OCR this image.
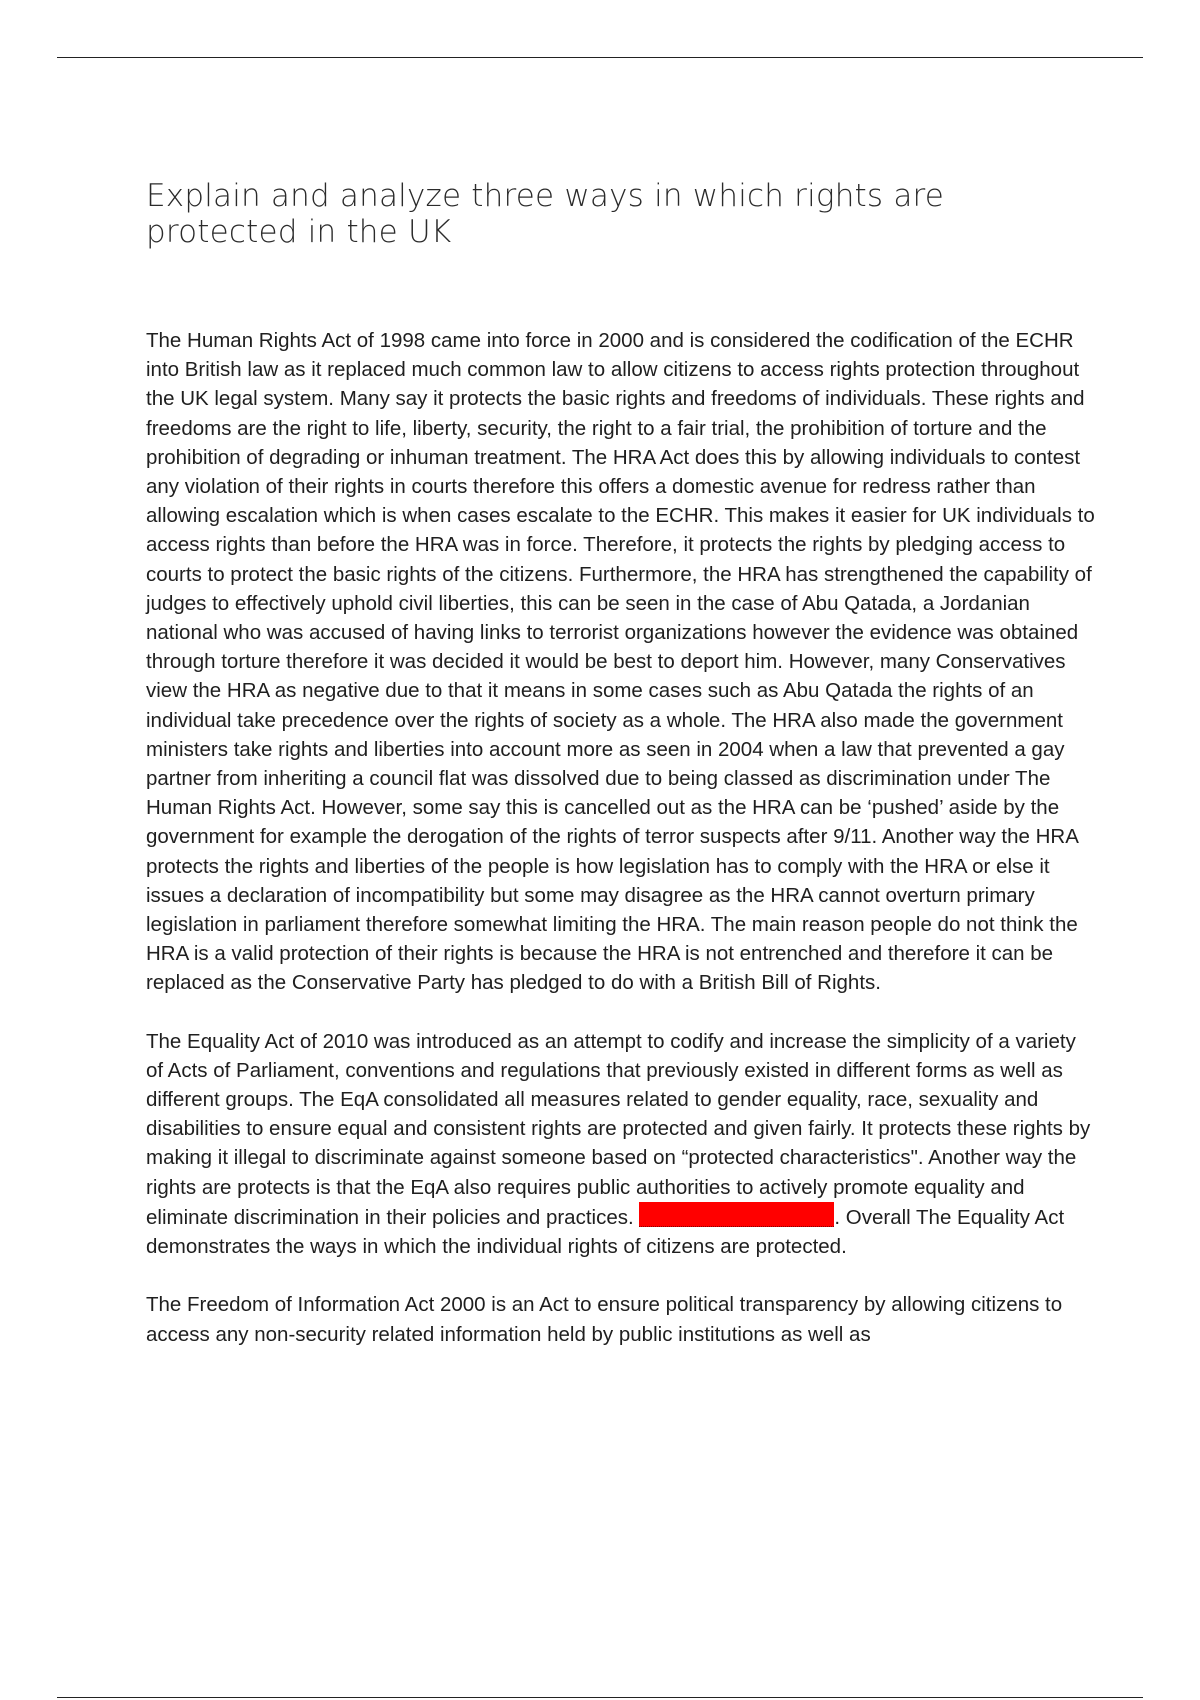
Explain and analyze three ways in which rights are protected in the UK

The Human Rights Act of 1998 came into force in 2000 and is considered the codification of the ECHR into British law as it replaced much common law to allow citizens to access rights protection throughout the UK legal system. Many say it protects the basic rights and freedoms of individuals. These rights and freedoms are the right to life, liberty, security, the right to a fair trial, the prohibition of torture and the prohibition of degrading or inhuman treatment. The HRA Act does this by allowing individuals to contest any violation of their rights in courts therefore this offers a domestic avenue for redress rather than allowing escalation which is when cases escalate to the ECHR. This makes it easier for UK individuals to access rights than before the HRA was in force. Therefore, it protects the rights by pledging access to courts to protect the basic rights of the citizens. Furthermore, the HRA has strengthened the capability of judges to effectively uphold civil liberties, this can be seen in the case of Abu Qatada, a Jordanian national who was accused of having links to terrorist organizations however the evidence was obtained through torture therefore it was decided it would be best to deport him. However, many Conservatives view the HRA as negative due to that it means in some cases such as Abu Qatada the rights of an individual take precedence over the rights of society as a whole. The HRA also made the government ministers take rights and liberties into account more as seen in 2004 when a law that prevented a gay partner from inheriting a council flat was dissolved due to being classed as discrimination under The Human Rights Act. However, some say this is cancelled out as the HRA can be ‘pushed’ aside by the government for example the derogation of the rights of terror suspects after 9/11. Another way the HRA protects the rights and liberties of the people is how legislation has to comply with the HRA or else it issues a declaration of incompatibility but some may disagree as the HRA cannot overturn primary legislation in parliament therefore somewhat limiting the HRA. The main reason people do not think the HRA is a valid protection of their rights is because the HRA is not entrenched and therefore it can be replaced as the Conservative Party has pledged to do with a British Bill of Rights.

The Equality Act of 2010 was introduced as an attempt to codify and increase the simplicity of a variety of Acts of Parliament, conventions and regulations that previously existed in different forms as well as different groups. The EqA consolidated all measures related to gender equality, race, sexuality and disabilities to ensure equal and consistent rights are protected and given fairly. It protects these rights by making it illegal to discriminate against someone based on “protected characteristics". Another way the rights are protects is that the EqA also requires public authorities to actively promote equality and eliminate discrimination in their policies and practices.	. Overall The Equality Act demonstrates the ways in which the individual rights of citizens are protected.

The Freedom of Information Act 2000 is an Act to ensure political transparency by allowing citizens to access any non-security related information held by public institutions as well as
